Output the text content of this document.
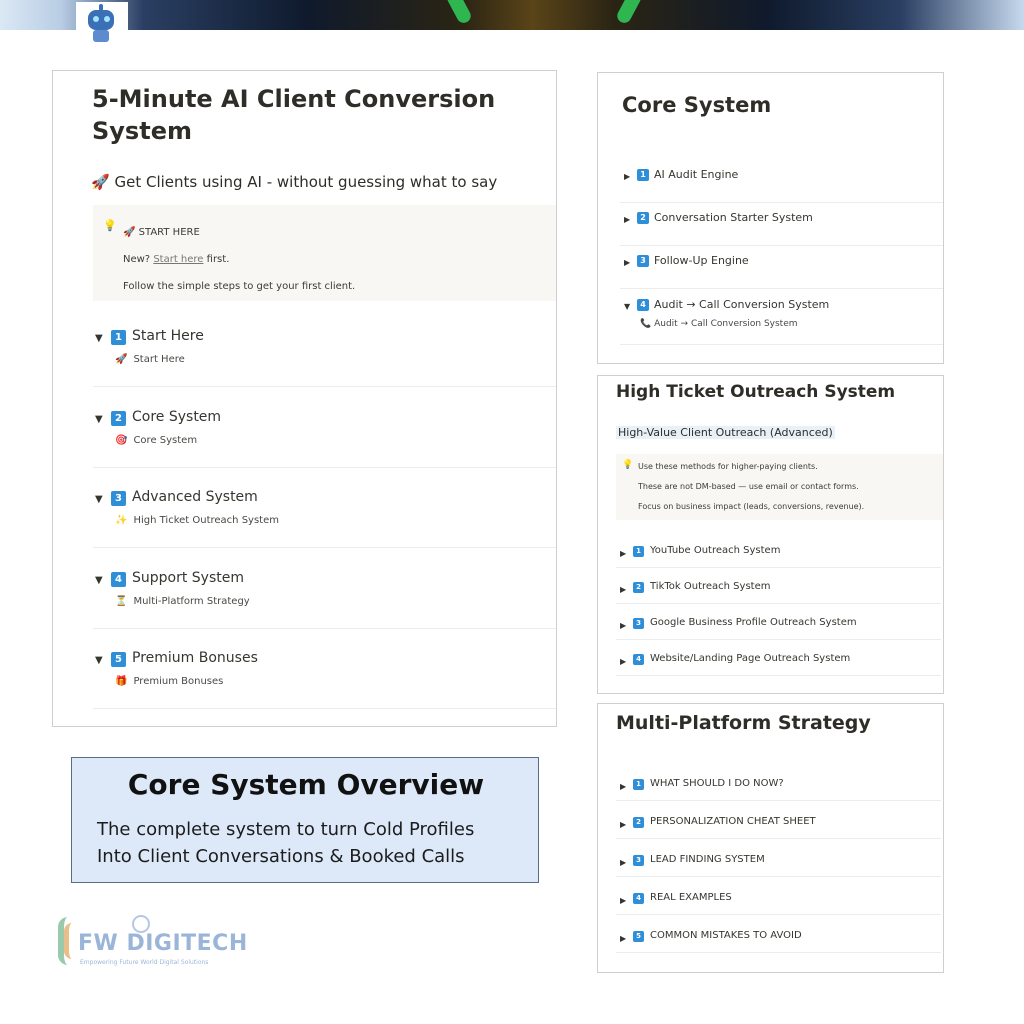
5-Minute AI Client Conversion System
🚀 Get Clients using AI - without guessing what to say
💡
🚀 START HERE
New? Start here first.
Follow the simple steps to get your first client.
▼	1 Start Here
🚀 Start Here
▼	2 Core System
🎯 Core System
▼	3 Advanced System
✨ High Ticket Outreach System
▼	4 Support System
⏳ Multi-Platform Strategy
▼	5 Premium Bonuses
🎁 Premium Bonuses
Core System Overview
The complete system to turn Cold Profiles
Into Client Conversations & Booked Calls
FW DIGITECH
Empowering Future World Digital Solutions
Core System
▶	1 AI Audit Engine
▶	2 Conversation Starter System
▶	3 Follow-Up Engine
▼	4 Audit → Call Conversion System
📞 Audit → Call Conversion System
High Ticket Outreach System
High-Value Client Outreach (Advanced)
💡 Use these methods for higher-paying clients.
These are not DM-based — use email or contact forms.
Focus on business impact (leads, conversions, revenue).
▶	1 YouTube Outreach System
▶	2 TikTok Outreach System
▶	3 Google Business Profile Outreach System
▶	4 Website/Landing Page Outreach System
Multi-Platform Strategy
▶	1 WHAT SHOULD I DO NOW?
▶	2 PERSONALIZATION CHEAT SHEET
▶	3 LEAD FINDING SYSTEM
▶	4 REAL EXAMPLES
▶	5 COMMON MISTAKES TO AVOID
